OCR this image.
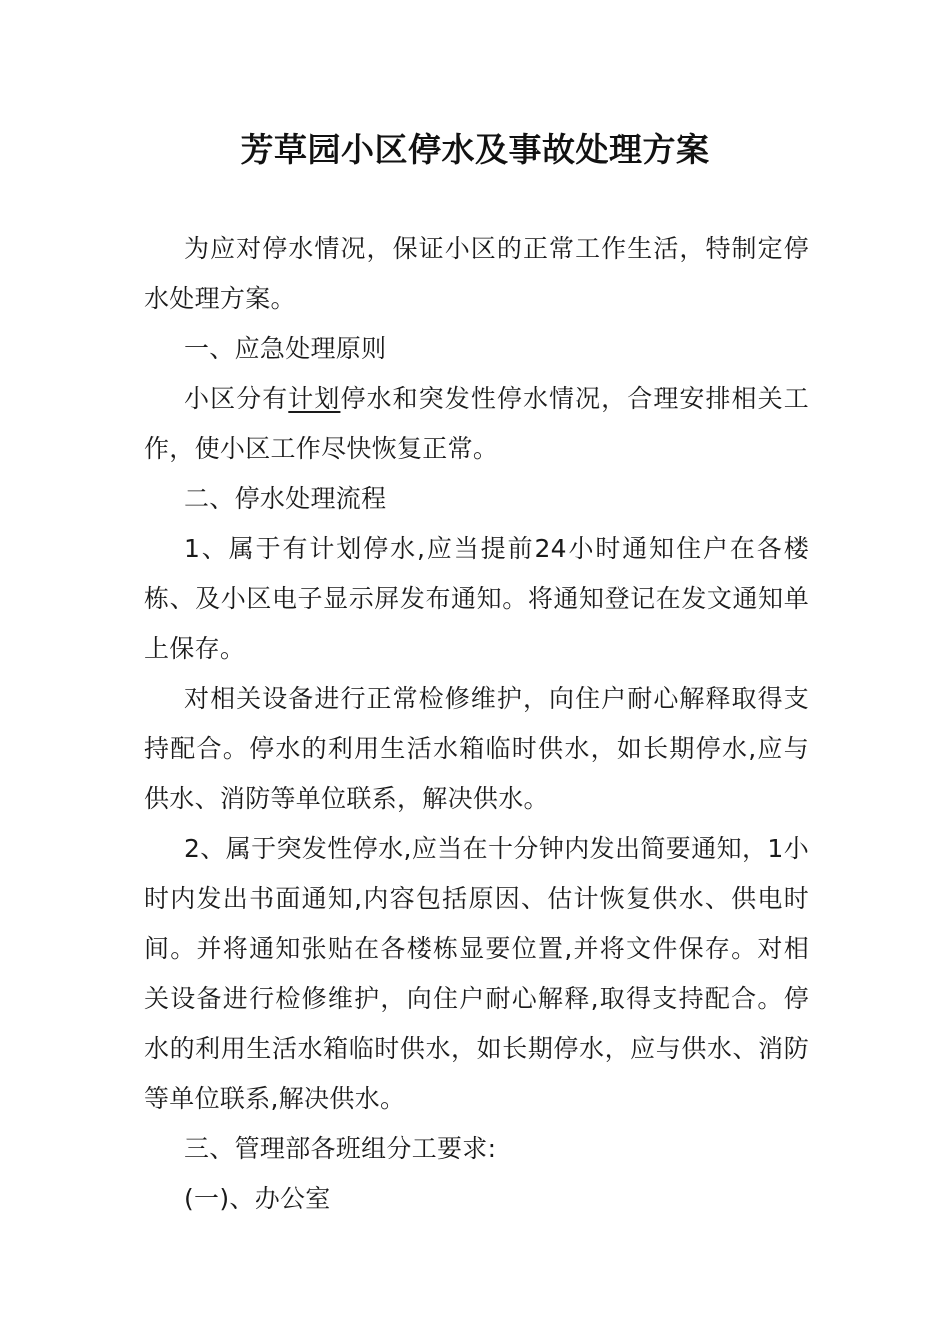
芳草园小区停水及事故处理方案

为应对停水情况，保证小区的正常工作生活，特制定停水处理方案。

一、应急处理原则

小区分有计划停水和突发性停水情况，合理安排相关工作，使小区工作尽快恢复正常。

二、停水处理流程

1、属于有计划停水,应当提前24小时通知住户在各楼栋、及小区电子显示屏发布通知。将通知登记在发文通知单上保存。

对相关设备进行正常检修维护，向住户耐心解释取得支持配合。停水的利用生活水箱临时供水，如长期停水,应与供水、消防等单位联系，解决供水。

2、属于突发性停水,应当在十分钟内发出简要通知，1小时内发出书面通知,内容包括原因、估计恢复供水、供电时间。并将通知张贴在各楼栋显要位置,并将文件保存。对相关设备进行检修维护，向住户耐心解释,取得支持配合。停水的利用生活水箱临时供水，如长期停水，应与供水、消防等单位联系,解决供水。

三、管理部各班组分工要求:

(一)、办公室
